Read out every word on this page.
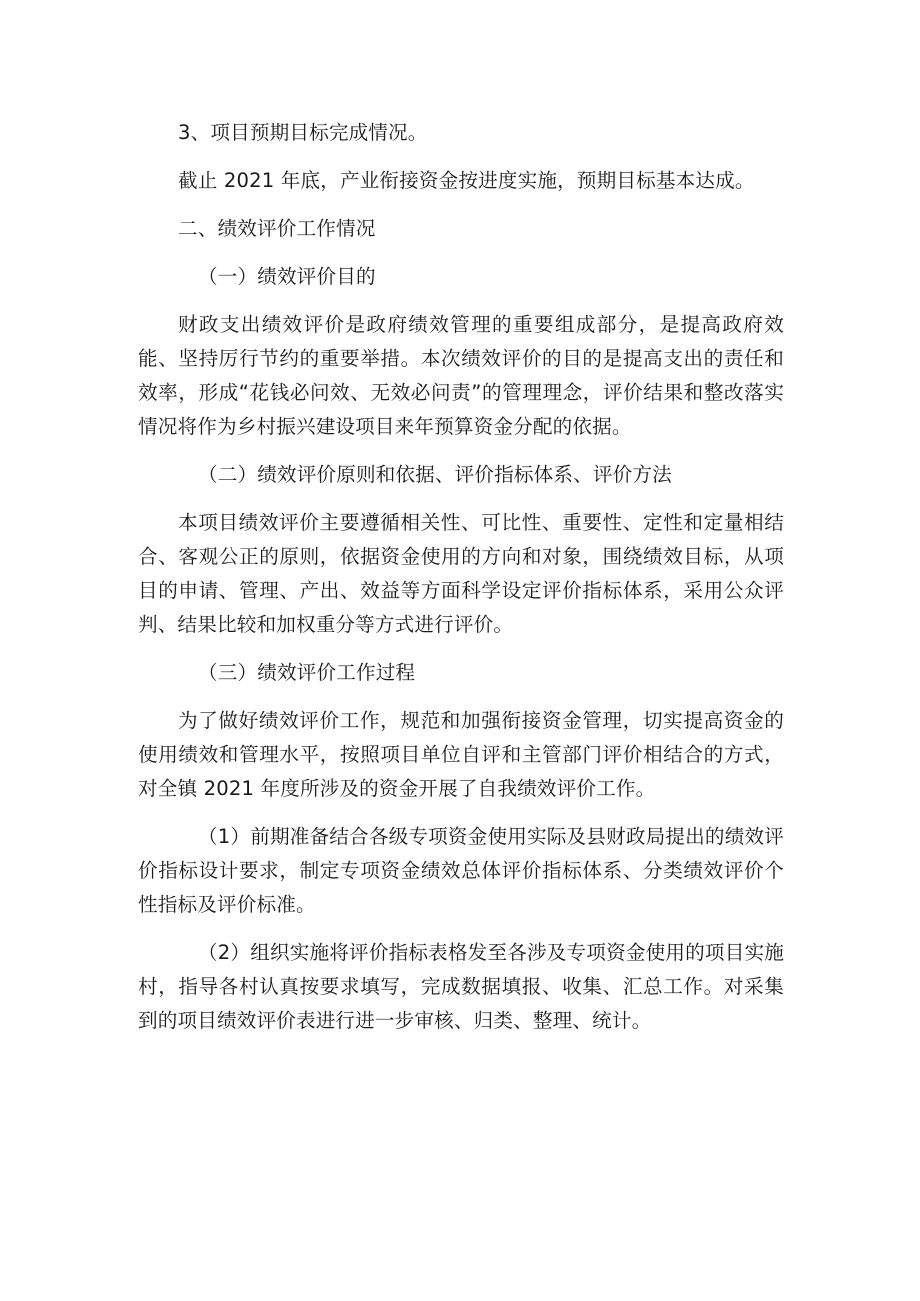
3、项目预期目标完成情况。

截止 2021 年底，产业衔接资金按进度实施，预期目标基本达成。

二、绩效评价工作情况

（一）绩效评价目的

财政支出绩效评价是政府绩效管理的重要组成部分，是提高政府效能、坚持厉行节约的重要举措。本次绩效评价的目的是提高支出的责任和效率，形成“花钱必问效、无效必问责”的管理理念，评价结果和整改落实情况将作为乡村振兴建设项目来年预算资金分配的依据。

（二）绩效评价原则和依据、评价指标体系、评价方法

本项目绩效评价主要遵循相关性、可比性、重要性、定性和定量相结合、客观公正的原则，依据资金使用的方向和对象，围绕绩效目标，从项目的申请、管理、产出、效益等方面科学设定评价指标体系，采用公众评判、结果比较和加权重分等方式进行评价。

（三）绩效评价工作过程

为了做好绩效评价工作，规范和加强衔接资金管理，切实提高资金的使用绩效和管理水平，按照项目单位自评和主管部门评价相结合的方式，对全镇 2021 年度所涉及的资金开展了自我绩效评价工作。

（1）前期准备结合各级专项资金使用实际及县财政局提出的绩效评价指标设计要求，制定专项资金绩效总体评价指标体系、分类绩效评价个性指标及评价标准。

（2）组织实施将评价指标表格发至各涉及专项资金使用的项目实施村，指导各村认真按要求填写，完成数据填报、收集、汇总工作。对采集到的项目绩效评价表进行进一步审核、归类、整理、统计。
